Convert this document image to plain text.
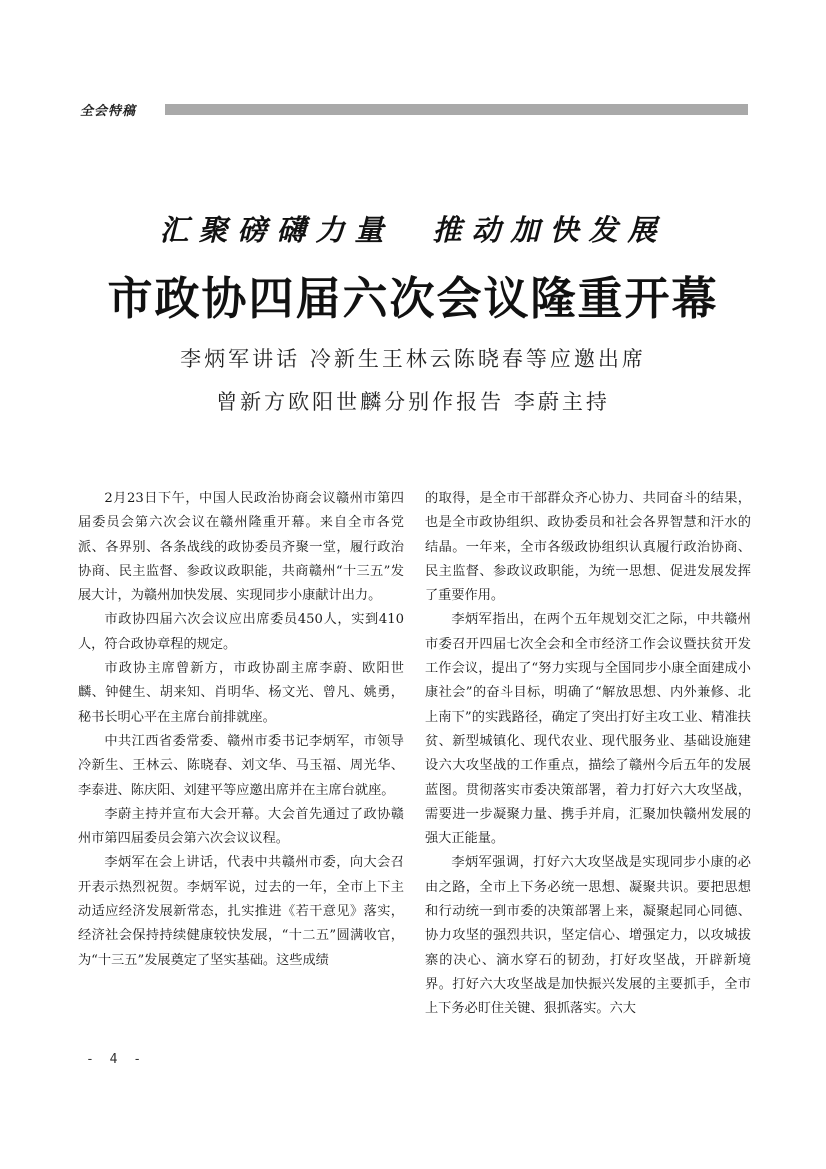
全会特稿
汇聚磅礴力量　推动加快发展
市政协四届六次会议隆重开幕
李炳军讲话 冷新生王林云陈晓春等应邀出席
曾新方欧阳世麟分别作报告 李蔚主持

2月23日下午，中国人民政治协商会议赣州市第四届委员会第六次会议在赣州隆重开幕。来自全市各党派、各界别、各条战线的政协委员齐聚一堂，履行政治协商、民主监督、参政议政职能，共商赣州“十三五”发展大计，为赣州加快发展、实现同步小康献计出力。

市政协四届六次会议应出席委员450人，实到410人，符合政协章程的规定。

市政协主席曾新方，市政协副主席李蔚、欧阳世麟、钟健生、胡来知、肖明华、杨文光、曾凡、姚勇，秘书长明心平在主席台前排就座。

中共江西省委常委、赣州市委书记李炳军，市领导冷新生、王林云、陈晓春、刘文华、马玉福、周光华、李泰进、陈庆阳、刘建平等应邀出席并在主席台就座。

李蔚主持并宣布大会开幕。大会首先通过了政协赣州市第四届委员会第六次会议议程。

李炳军在会上讲话，代表中共赣州市委，向大会召开表示热烈祝贺。李炳军说，过去的一年，全市上下主动适应经济发展新常态，扎实推进《若干意见》落实，经济社会保持持续健康较快发展，“十二五”圆满收官，为“十三五”发展奠定了坚实基础。这些成绩

的取得，是全市干部群众齐心协力、共同奋斗的结果，也是全市政协组织、政协委员和社会各界智慧和汗水的结晶。一年来，全市各级政协组织认真履行政治协商、民主监督、参政议政职能，为统一思想、促进发展发挥了重要作用。

李炳军指出，在两个五年规划交汇之际，中共赣州市委召开四届七次全会和全市经济工作会议暨扶贫开发工作会议，提出了“努力实现与全国同步小康全面建成小康社会”的奋斗目标，明确了“解放思想、内外兼修、北上南下”的实践路径，确定了突出打好主攻工业、精准扶贫、新型城镇化、现代农业、现代服务业、基础设施建设六大攻坚战的工作重点，描绘了赣州今后五年的发展蓝图。贯彻落实市委决策部署，着力打好六大攻坚战，需要进一步凝聚力量、携手并肩，汇聚加快赣州发展的强大正能量。

李炳军强调，打好六大攻坚战是实现同步小康的必由之路，全市上下务必统一思想、凝聚共识。要把思想和行动统一到市委的决策部署上来，凝聚起同心同德、协力攻坚的强烈共识，坚定信心、增强定力，以攻城拔寨的决心、滴水穿石的韧劲，打好攻坚战，开辟新境界。打好六大攻坚战是加快振兴发展的主要抓手，全市上下务必盯住关键、狠抓落实。六大

- 4 -
